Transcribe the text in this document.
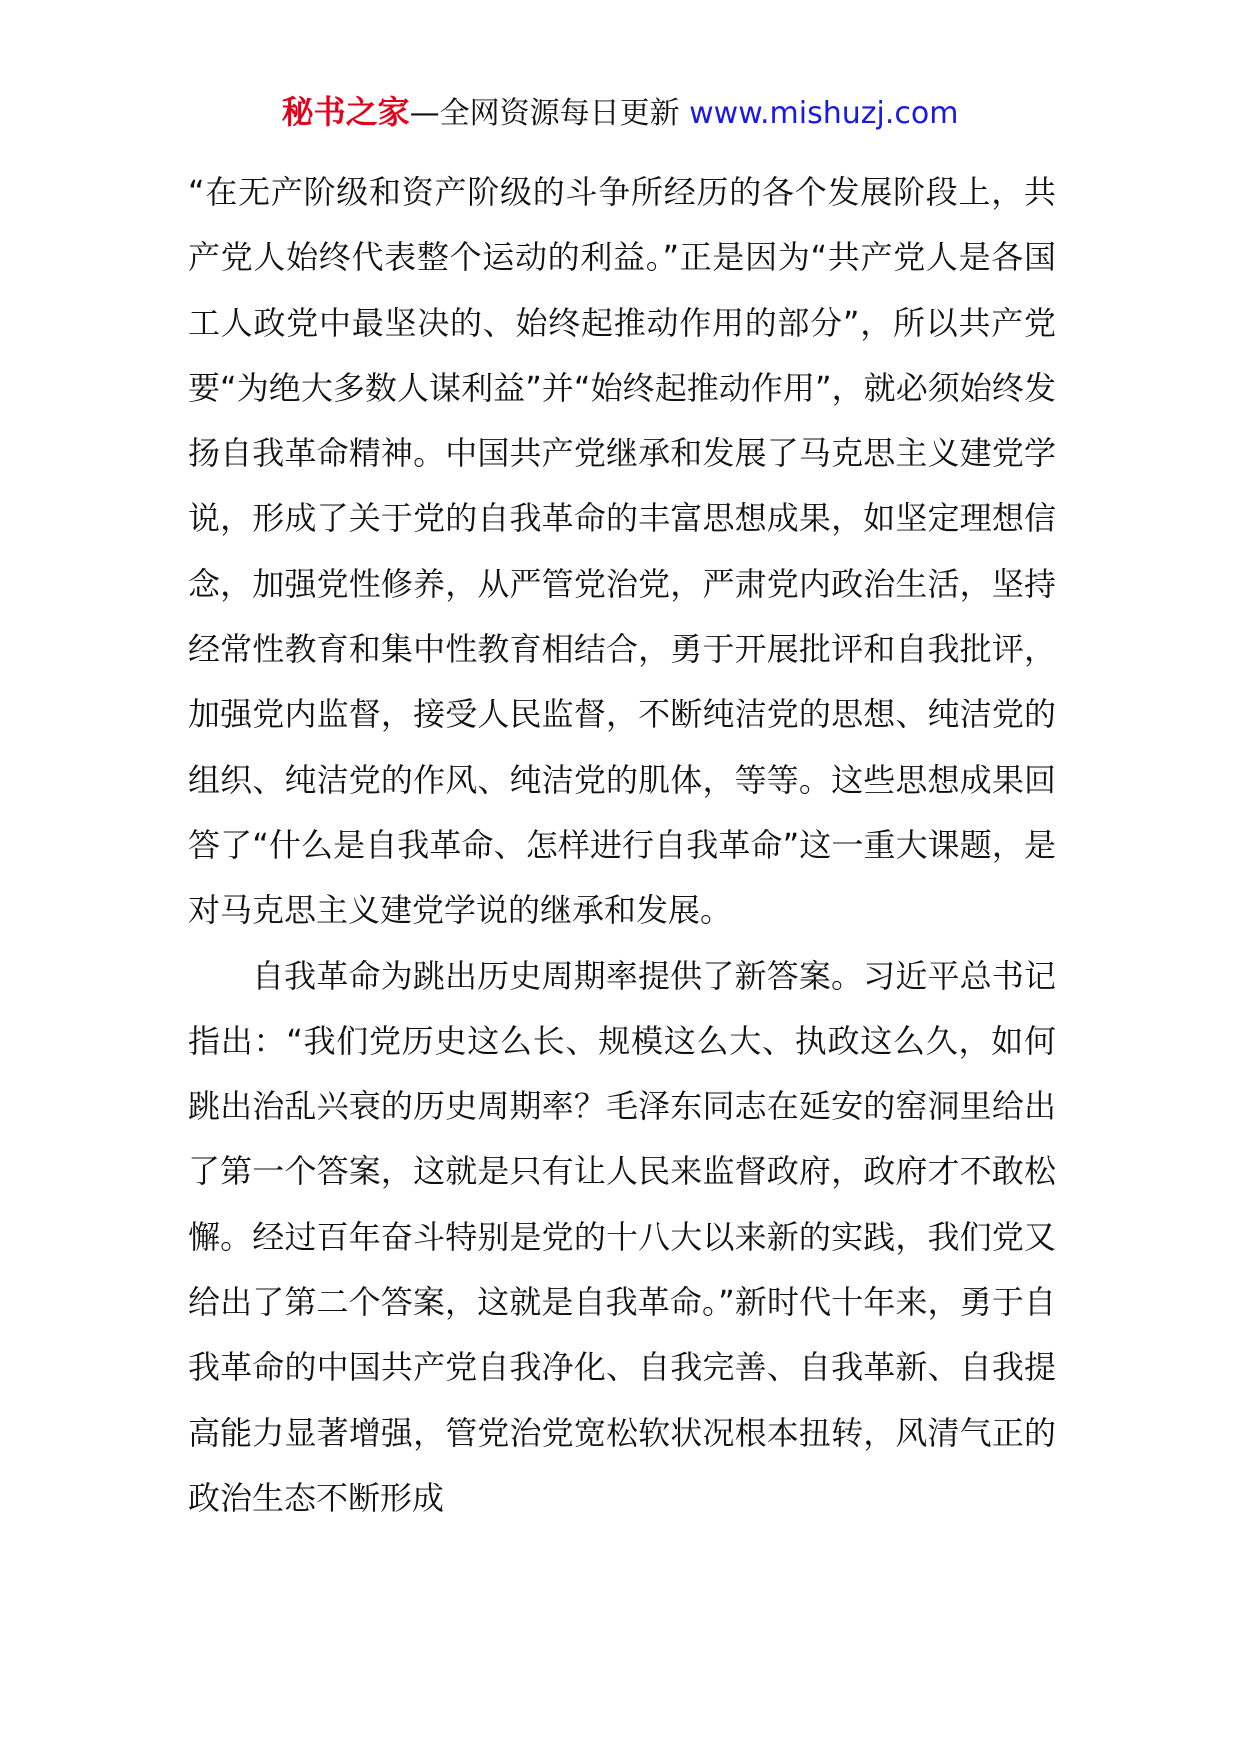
秘书之家—全网资源每日更新 www.mishuzj.com

“在无产阶级和资产阶级的斗争所经历的各个发展阶段上，共产党人始终代表整个运动的利益。”正是因为“共产党人是各国工人政党中最坚决的、始终起推动作用的部分”，所以共产党要“为绝大多数人谋利益”并“始终起推动作用”，就必须始终发扬自我革命精神。中国共产党继承和发展了马克思主义建党学说，形成了关于党的自我革命的丰富思想成果，如坚定理想信念，加强党性修养，从严管党治党，严肃党内政治生活，坚持经常性教育和集中性教育相结合，勇于开展批评和自我批评，加强党内监督，接受人民监督，不断纯洁党的思想、纯洁党的组织、纯洁党的作风、纯洁党的肌体，等等。这些思想成果回答了“什么是自我革命、怎样进行自我革命”这一重大课题，是对马克思主义建党学说的继承和发展。

自我革命为跳出历史周期率提供了新答案。习近平总书记指出：“我们党历史这么长、规模这么大、执政这么久，如何跳出治乱兴衰的历史周期率？毛泽东同志在延安的窑洞里给出了第一个答案，这就是只有让人民来监督政府，政府才不敢松懈。经过百年奋斗特别是党的十八大以来新的实践，我们党又给出了第二个答案，这就是自我革命。”新时代十年来，勇于自我革命的中国共产党自我净化、自我完善、自我革新、自我提高能力显著增强，管党治党宽松软状况根本扭转，风清气正的政治生态不断形成
